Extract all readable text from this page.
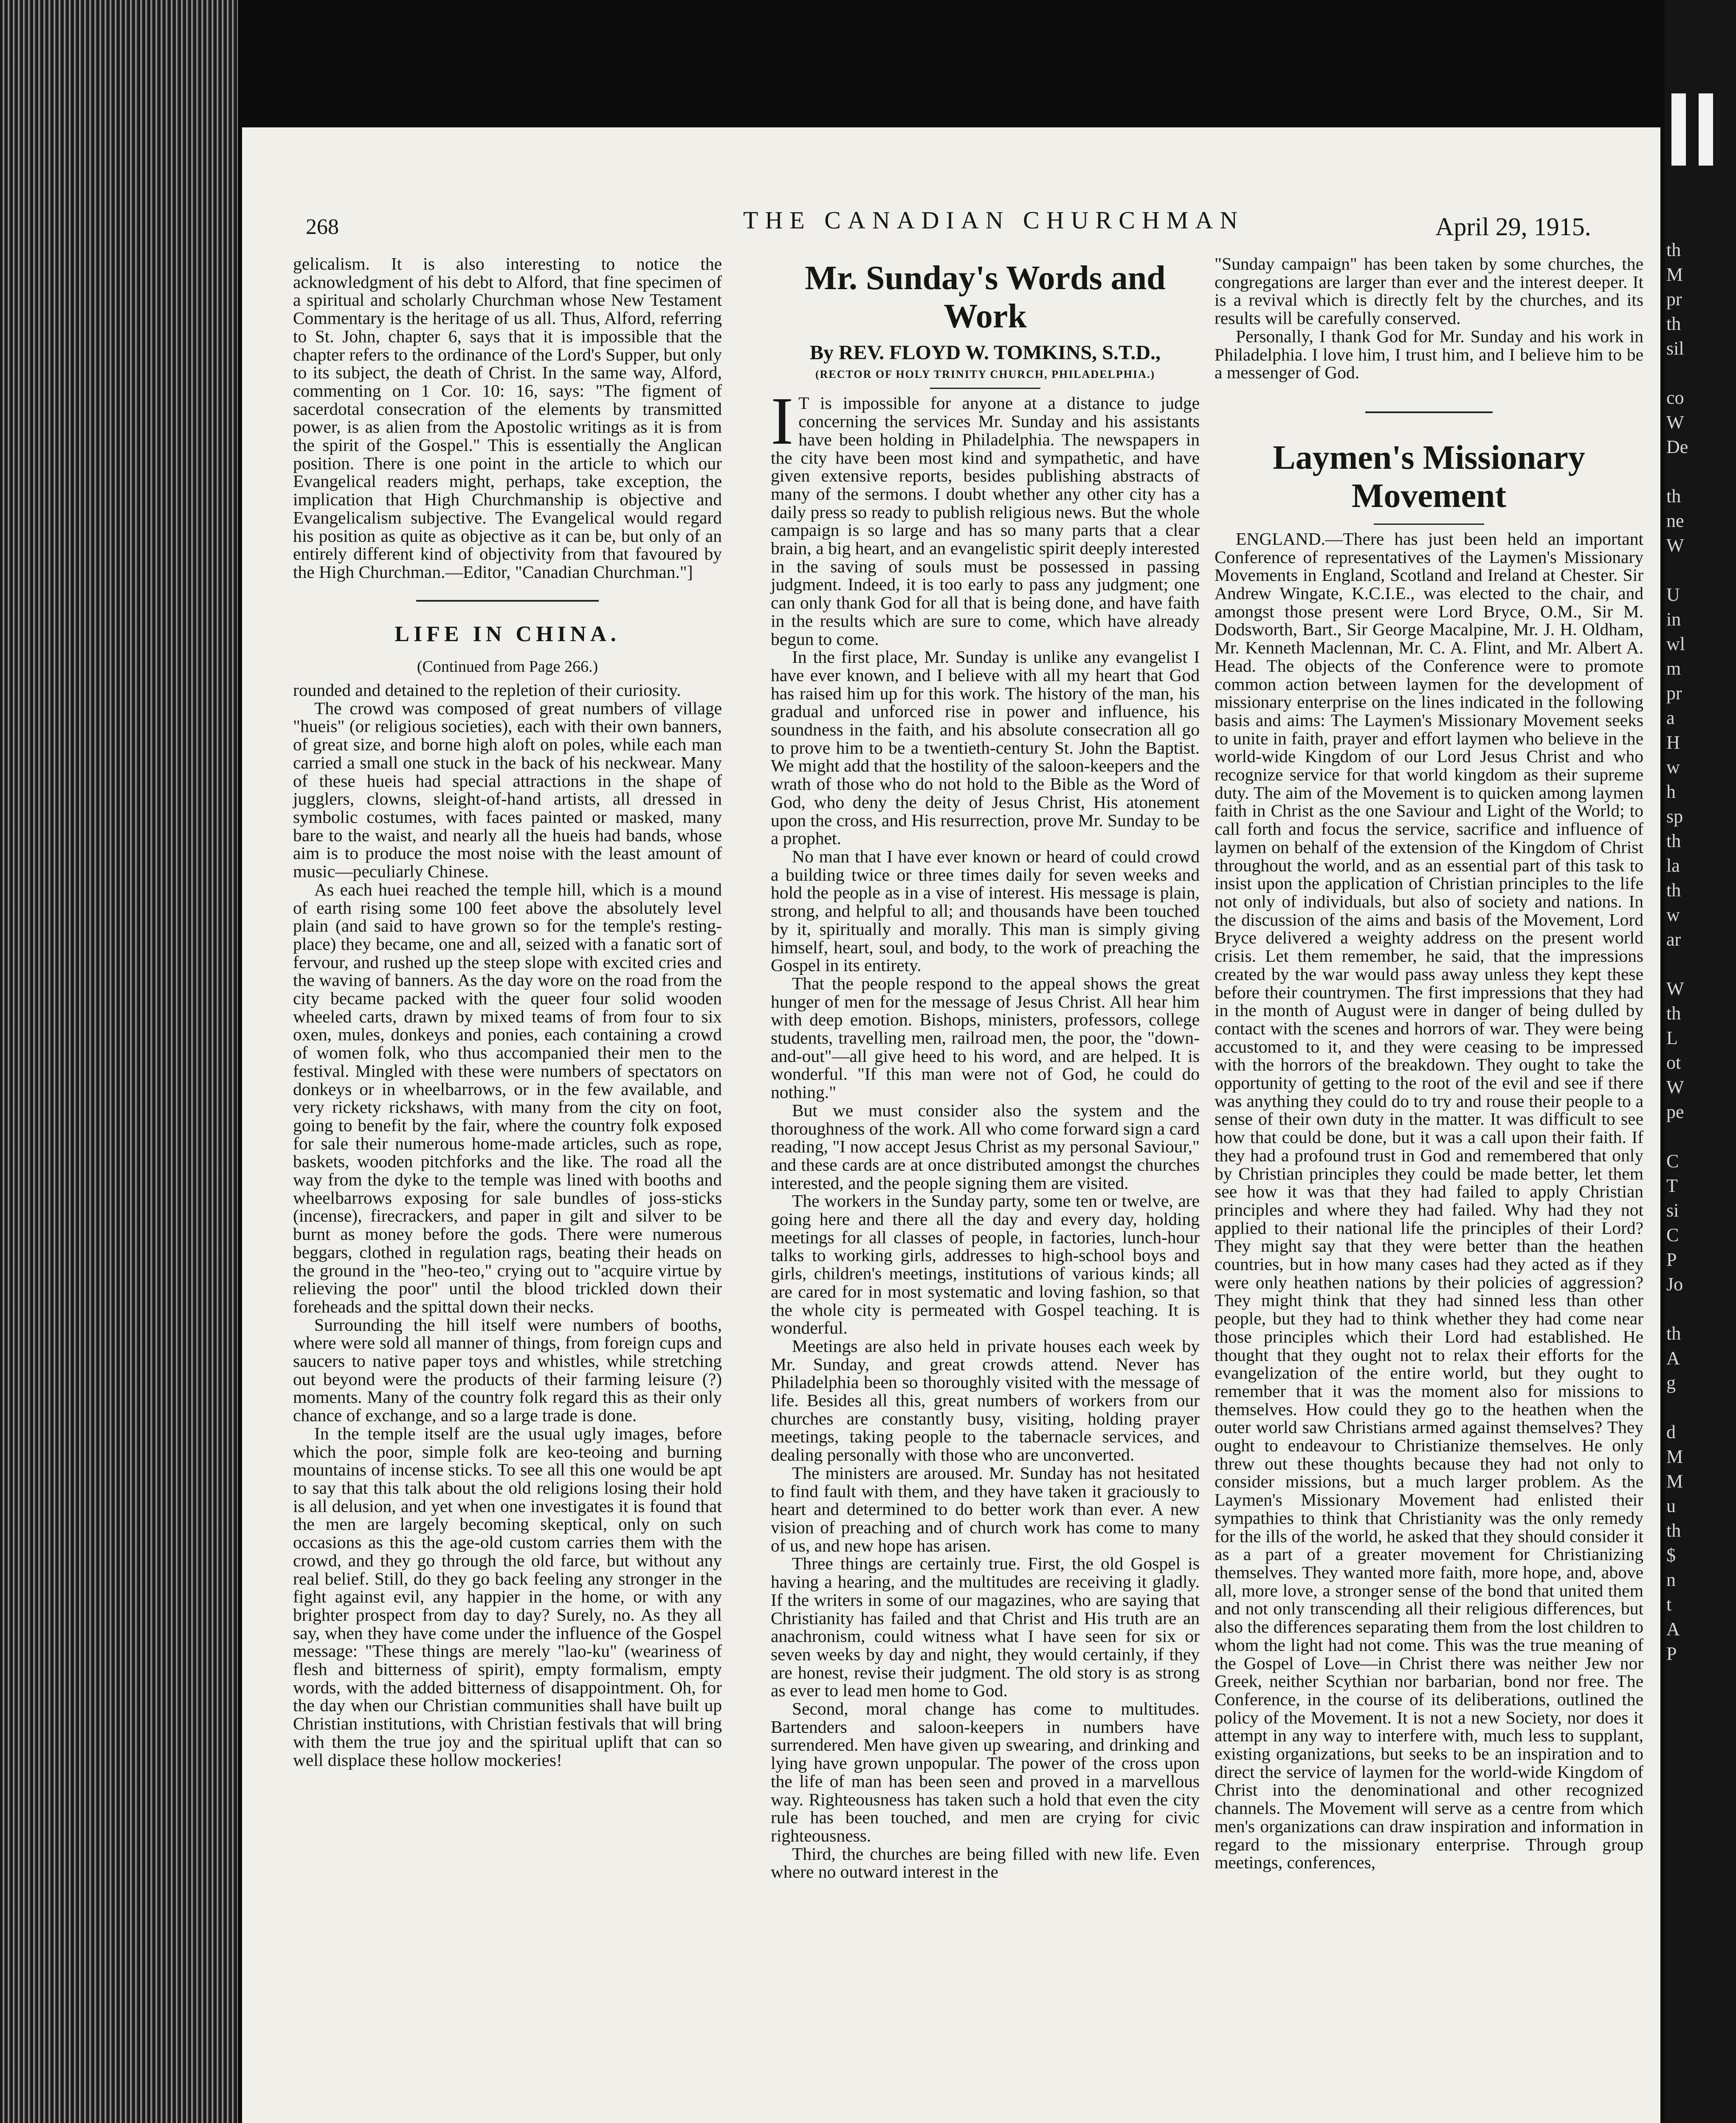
th
M
pr
th
sil

co
W
De

th
ne
W

U
in
wl
m
pr
a
H
w
h
sp
th
la
th
w
ar

W
th
L
ot
W
pe

C
T
si
C
P
Jo

th
A
g

d
M
M
u
th
$
n
t
A
P
268	THE CANADIAN CHURCHMAN	April 29, 1915.

gelicalism. It is also interesting to notice the acknowledgment of his debt to Alford, that fine specimen of a spiritual and scholarly Churchman whose New Testament Commentary is the heritage of us all. Thus, Alford, referring to St. John, chapter 6, says that it is impossible that the chapter refers to the ordinance of the Lord's Supper, but only to its subject, the death of Christ. In the same way, Alford, commenting on 1 Cor. 10: 16, says: "The figment of sacerdotal consecration of the elements by transmitted power, is as alien from the Apostolic writings as it is from the spirit of the Gospel." This is essentially the Anglican position. There is one point in the article to which our Evangelical readers might, perhaps, take exception, the implication that High Churchmanship is objective and Evangelicalism subjective. The Evangelical would regard his position as quite as objective as it can be, but only of an entirely different kind of objectivity from that favoured by the High Churchman.—Editor, "Canadian Churchman."]

LIFE IN CHINA.
(Continued from Page 266.)

rounded and detained to the repletion of their curiosity.

The crowd was composed of great numbers of village "hueis" (or religious societies), each with their own banners, of great size, and borne high aloft on poles, while each man carried a small one stuck in the back of his neckwear. Many of these hueis had special attractions in the shape of jugglers, clowns, sleight-of-hand artists, all dressed in symbolic costumes, with faces painted or masked, many bare to the waist, and nearly all the hueis had bands, whose aim is to produce the most noise with the least amount of music—peculiarly Chinese.

As each huei reached the temple hill, which is a mound of earth rising some 100 feet above the absolutely level plain (and said to have grown so for the temple's resting-place) they became, one and all, seized with a fanatic sort of fervour, and rushed up the steep slope with excited cries and the waving of banners. As the day wore on the road from the city became packed with the queer four solid wooden wheeled carts, drawn by mixed teams of from four to six oxen, mules, donkeys and ponies, each containing a crowd of women folk, who thus accompanied their men to the festival. Mingled with these were numbers of spectators on donkeys or in wheelbarrows, or in the few available, and very rickety rickshaws, with many from the city on foot, going to benefit by the fair, where the country folk exposed for sale their numerous home-made articles, such as rope, baskets, wooden pitchforks and the like. The road all the way from the dyke to the temple was lined with booths and wheelbarrows exposing for sale bundles of joss-sticks (incense), firecrackers, and paper in gilt and silver to be burnt as money before the gods. There were numerous beggars, clothed in regulation rags, beating their heads on the ground in the "heo-teo," crying out to "acquire virtue by relieving the poor" until the blood trickled down their foreheads and the spittal down their necks.

Surrounding the hill itself were numbers of booths, where were sold all manner of things, from foreign cups and saucers to native paper toys and whistles, while stretching out beyond were the products of their farming leisure (?) moments. Many of the country folk regard this as their only chance of exchange, and so a large trade is done.

In the temple itself are the usual ugly images, before which the poor, simple folk are keo-teoing and burning mountains of incense sticks. To see all this one would be apt to say that this talk about the old religions losing their hold is all delusion, and yet when one investigates it is found that the men are largely becoming skeptical, only on such occasions as this the age-old custom carries them with the crowd, and they go through the old farce, but without any real belief. Still, do they go back feeling any stronger in the fight against evil, any happier in the home, or with any brighter prospect from day to day? Surely, no. As they all say, when they have come under the influence of the Gospel message: "These things are merely "lao-ku" (weariness of flesh and bitterness of spirit), empty formalism, empty words, with the added bitterness of disappointment. Oh, for the day when our Christian communities shall have built up Christian institutions, with Christian festivals that will bring with them the true joy and the spiritual uplift that can so well displace these hollow mockeries!

Mr. Sunday's Words and Work
By REV. FLOYD W. TOMKINS, S.T.D.,
(RECTOR OF HOLY TRINITY CHURCH, PHILADELPHIA.)

I T is impossible for anyone at a distance to judge concerning the services Mr. Sunday and his assistants have been holding in Philadelphia. The newspapers in the city have been most kind and sympathetic, and have given extensive reports, besides publishing abstracts of many of the sermons. I doubt whether any other city has a daily press so ready to publish religious news. But the whole campaign is so large and has so many parts that a clear brain, a big heart, and an evangelistic spirit deeply interested in the saving of souls must be possessed in passing judgment. Indeed, it is too early to pass any judgment; one can only thank God for all that is being done, and have faith in the results which are sure to come, which have already begun to come.

In the first place, Mr. Sunday is unlike any evangelist I have ever known, and I believe with all my heart that God has raised him up for this work. The history of the man, his gradual and unforced rise in power and influence, his soundness in the faith, and his absolute consecration all go to prove him to be a twentieth-century St. John the Baptist. We might add that the hostility of the saloon-keepers and the wrath of those who do not hold to the Bible as the Word of God, who deny the deity of Jesus Christ, His atonement upon the cross, and His resurrection, prove Mr. Sunday to be a prophet.

No man that I have ever known or heard of could crowd a building twice or three times daily for seven weeks and hold the people as in a vise of interest. His message is plain, strong, and helpful to all; and thousands have been touched by it, spiritually and morally. This man is simply giving himself, heart, soul, and body, to the work of preaching the Gospel in its entirety.

That the people respond to the appeal shows the great hunger of men for the message of Jesus Christ. All hear him with deep emotion. Bishops, ministers, professors, college students, travelling men, railroad men, the poor, the "down-and-out"—all give heed to his word, and are helped. It is wonderful. "If this man were not of God, he could do nothing."

But we must consider also the system and the thoroughness of the work. All who come forward sign a card reading, "I now accept Jesus Christ as my personal Saviour," and these cards are at once distributed amongst the churches interested, and the people signing them are visited.

The workers in the Sunday party, some ten or twelve, are going here and there all the day and every day, holding meetings for all classes of people, in factories, lunch-hour talks to working girls, addresses to high-school boys and girls, children's meetings, institutions of various kinds; all are cared for in most systematic and loving fashion, so that the whole city is permeated with Gospel teaching. It is wonderful.

Meetings are also held in private houses each week by Mr. Sunday, and great crowds attend. Never has Philadelphia been so thoroughly visited with the message of life. Besides all this, great numbers of workers from our churches are constantly busy, visiting, holding prayer meetings, taking people to the tabernacle services, and dealing personally with those who are unconverted.

The ministers are aroused. Mr. Sunday has not hesitated to find fault with them, and they have taken it graciously to heart and determined to do better work than ever. A new vision of preaching and of church work has come to many of us, and new hope has arisen.

Three things are certainly true. First, the old Gospel is having a hearing, and the multitudes are receiving it gladly. If the writers in some of our magazines, who are saying that Christianity has failed and that Christ and His truth are an anachronism, could witness what I have seen for six or seven weeks by day and night, they would certainly, if they are honest, revise their judgment. The old story is as strong as ever to lead men home to God.

Second, moral change has come to multitudes. Bartenders and saloon-keepers in numbers have surrendered. Men have given up swearing, and drinking and lying have grown unpopular. The power of the cross upon the life of man has been seen and proved in a marvellous way. Righteousness has taken such a hold that even the city rule has been touched, and men are crying for civic righteousness.

Third, the churches are being filled with new life. Even where no outward interest in the

"Sunday campaign" has been taken by some churches, the congregations are larger than ever and the interest deeper. It is a revival which is directly felt by the churches, and its results will be carefully conserved.

Personally, I thank God for Mr. Sunday and his work in Philadelphia. I love him, I trust him, and I believe him to be a messenger of God.

Laymen's Missionary Movement

ENGLAND.—There has just been held an important Conference of representatives of the Laymen's Missionary Movements in England, Scotland and Ireland at Chester. Sir Andrew Wingate, K.C.I.E., was elected to the chair, and amongst those present were Lord Bryce, O.M., Sir M. Dodsworth, Bart., Sir George Macalpine, Mr. J. H. Oldham, Mr. Kenneth Maclennan, Mr. C. A. Flint, and Mr. Albert A. Head. The objects of the Conference were to promote common action between laymen for the development of missionary enterprise on the lines indicated in the following basis and aims: The Laymen's Missionary Movement seeks to unite in faith, prayer and effort laymen who believe in the world-wide Kingdom of our Lord Jesus Christ and who recognize service for that world kingdom as their supreme duty. The aim of the Movement is to quicken among laymen faith in Christ as the one Saviour and Light of the World; to call forth and focus the service, sacrifice and influence of laymen on behalf of the extension of the Kingdom of Christ throughout the world, and as an essential part of this task to insist upon the application of Christian principles to the life not only of individuals, but also of society and nations. In the discussion of the aims and basis of the Movement, Lord Bryce delivered a weighty address on the present world crisis. Let them remember, he said, that the impressions created by the war would pass away unless they kept these before their countrymen. The first impressions that they had in the month of August were in danger of being dulled by contact with the scenes and horrors of war. They were being accustomed to it, and they were ceasing to be impressed with the horrors of the breakdown. They ought to take the opportunity of getting to the root of the evil and see if there was anything they could do to try and rouse their people to a sense of their own duty in the matter. It was difficult to see how that could be done, but it was a call upon their faith. If they had a profound trust in God and remembered that only by Christian principles they could be made better, let them see how it was that they had failed to apply Christian principles and where they had failed. Why had they not applied to their national life the principles of their Lord? They might say that they were better than the heathen countries, but in how many cases had they acted as if they were only heathen nations by their policies of aggression? They might think that they had sinned less than other people, but they had to think whether they had come near those principles which their Lord had established. He thought that they ought not to relax their efforts for the evangelization of the entire world, but they ought to remember that it was the moment also for missions to themselves. How could they go to the heathen when the outer world saw Christians armed against themselves? They ought to endeavour to Christianize themselves. He only threw out these thoughts because they had not only to consider missions, but a much larger problem. As the Laymen's Missionary Movement had enlisted their sympathies to think that Christianity was the only remedy for the ills of the world, he asked that they should consider it as a part of a greater movement for Christianizing themselves. They wanted more faith, more hope, and, above all, more love, a stronger sense of the bond that united them and not only transcending all their religious differences, but also the differences separating them from the lost children to whom the light had not come. This was the true meaning of the Gospel of Love—in Christ there was neither Jew nor Greek, neither Scythian nor barbarian, bond nor free. The Conference, in the course of its deliberations, outlined the policy of the Movement. It is not a new Society, nor does it attempt in any way to interfere with, much less to supplant, existing organizations, but seeks to be an inspiration and to direct the service of laymen for the world-wide Kingdom of Christ into the denominational and other recognized channels. The Movement will serve as a centre from which men's organizations can draw inspiration and information in regard to the missionary enterprise. Through group meetings, conferences,
